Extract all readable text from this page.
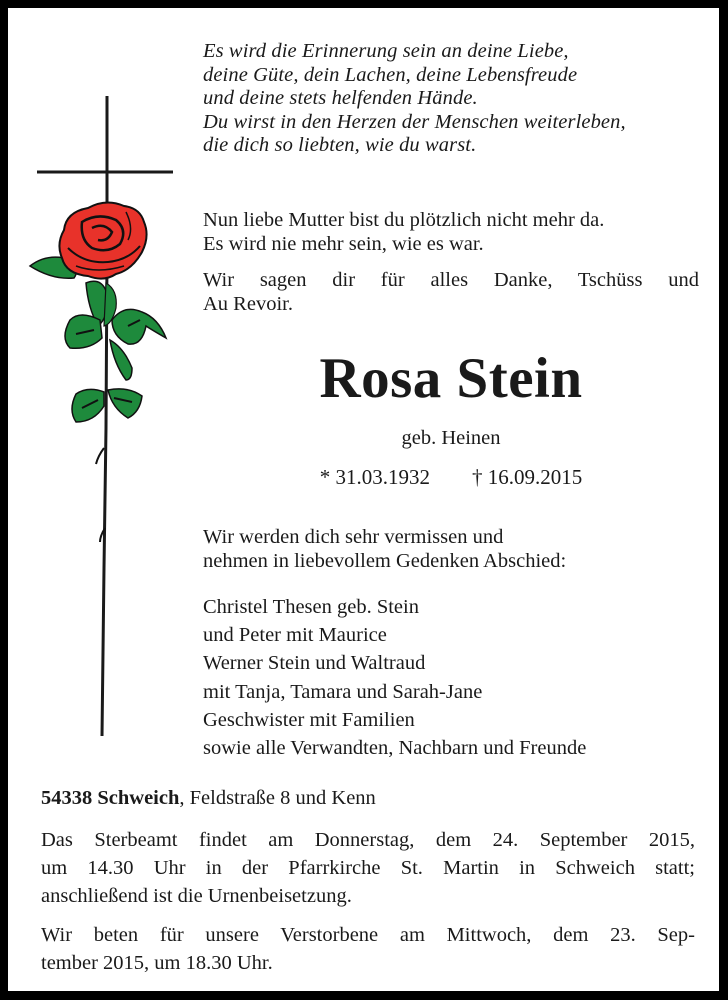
Es wird die Erinnerung sein an deine Liebe,
deine Güte, dein Lachen, deine Lebensfreude
und deine stets helfenden Hände.
Du wirst in den Herzen der Menschen weiterleben,
die dich so liebten, wie du warst.
Nun liebe Mutter bist du plötzlich nicht mehr da.
Es wird nie mehr sein, wie es war.
Wir sagen dir für alles Danke, Tschüss und
Au Revoir.
Rosa Stein
geb. Heinen
* 31.03.1932 † 16.09.2015
Wir werden dich sehr vermissen und
nehmen in liebevollem Gedenken Abschied:
Christel Thesen geb. Stein
und Peter mit Maurice
Werner Stein und Waltraud
mit Tanja, Tamara und Sarah-Jane
Geschwister mit Familien
sowie alle Verwandten, Nachbarn und Freunde
54338 Schweich, Feldstraße 8 und Kenn
Das Sterbeamt findet am Donnerstag, dem 24. September 2015,
um 14.30 Uhr in der Pfarrkirche St. Martin in Schweich statt;
anschließend ist die Urnenbeisetzung.
Wir beten für unsere Verstorbene am Mittwoch, dem 23. Sep-
tember 2015, um 18.30 Uhr.
